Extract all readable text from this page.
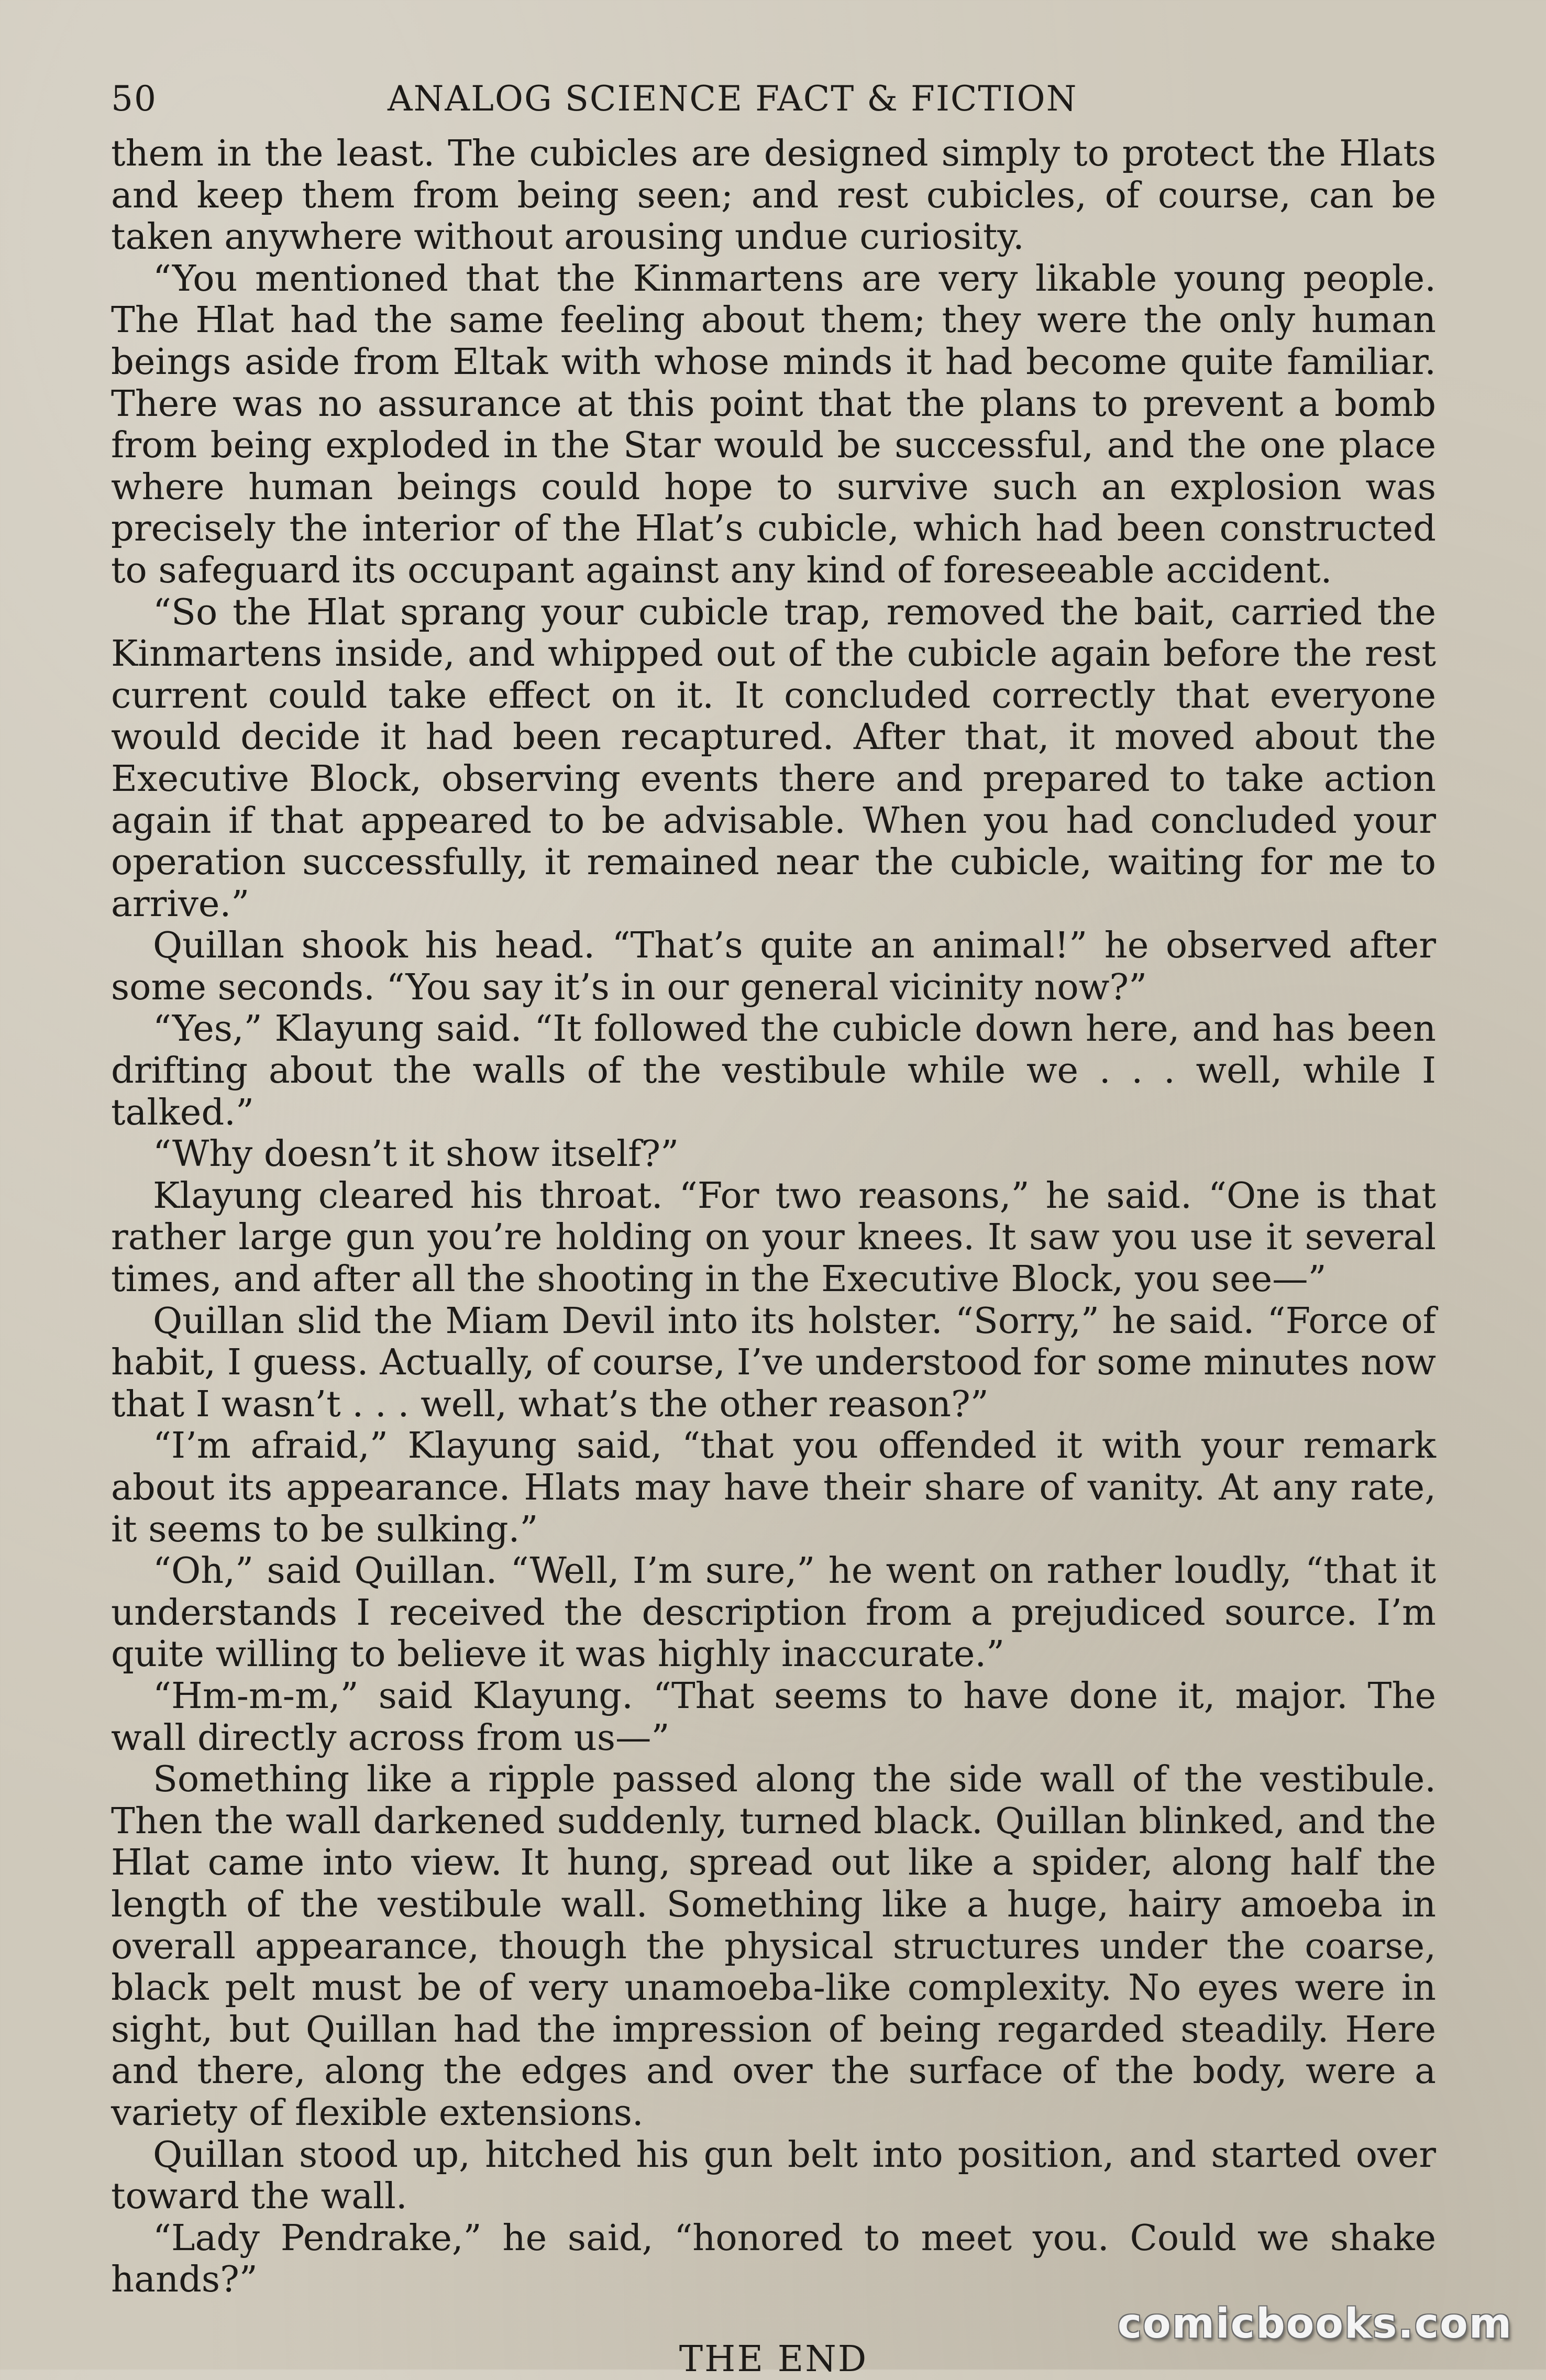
50	ANALOG SCIENCE FACT & FICTION

them in the least. The cubicles are designed simply to protect the Hlats and keep them from being seen; and rest cubicles, of course, can be taken anywhere without arousing undue curiosity.

“You mentioned that the Kinmartens are very likable young people. The Hlat had the same feeling about them; they were the only human beings aside from Eltak with whose minds it had become quite familiar. There was no assurance at this point that the plans to prevent a bomb from being exploded in the Star would be successful, and the one place where human beings could hope to survive such an explosion was precisely the interior of the Hlat’s cubicle, which had been constructed to safeguard its occupant against any kind of foreseeable accident.

“So the Hlat sprang your cubicle trap, removed the bait, carried the Kinmartens inside, and whipped out of the cubicle again before the rest current could take effect on it. It concluded correctly that everyone would decide it had been recaptured. After that, it moved about the Executive Block, observing events there and prepared to take action again if that appeared to be advisable. When you had concluded your operation successfully, it remained near the cubicle, waiting for me to arrive.”

Quillan shook his head. “That’s quite an animal!” he observed after some seconds. “You say it’s in our general vicinity now?”

“Yes,” Klayung said. “It followed the cubicle down here, and has been drifting about the walls of the vestibule while we . . . well, while I talked.”

“Why doesn’t it show itself?”

Klayung cleared his throat. “For two reasons,” he said. “One is that rather large gun you’re holding on your knees. It saw you use it several times, and after all the shooting in the Executive Block, you see—”

Quillan slid the Miam Devil into its holster. “Sorry,” he said. “Force of habit, I guess. Actually, of course, I’ve understood for some minutes now that I wasn’t . . . well, what’s the other reason?”

“I’m afraid,” Klayung said, “that you offended it with your remark about its appearance. Hlats may have their share of vanity. At any rate, it seems to be sulking.”

“Oh,” said Quillan. “Well, I’m sure,” he went on rather loudly, “that it understands I received the description from a prejudiced source. I’m quite willing to believe it was highly inaccurate.”

“Hm-m-m,” said Klayung. “That seems to have done it, major. The wall directly across from us—”

Something like a ripple passed along the side wall of the vestibule. Then the wall darkened suddenly, turned black. Quillan blinked, and the Hlat came into view. It hung, spread out like a spider, along half the length of the vestibule wall. Something like a huge, hairy amoeba in overall appearance, though the physical structures under the coarse, black pelt must be of very unamoeba-like complexity. No eyes were in sight, but Quillan had the impression of being regarded steadily. Here and there, along the edges and over the surface of the body, were a variety of flexible extensions.

Quillan stood up, hitched his gun belt into position, and started over toward the wall.

“Lady Pendrake,” he said, “honored to meet you. Could we shake hands?”

THE END
comicbooks.com
